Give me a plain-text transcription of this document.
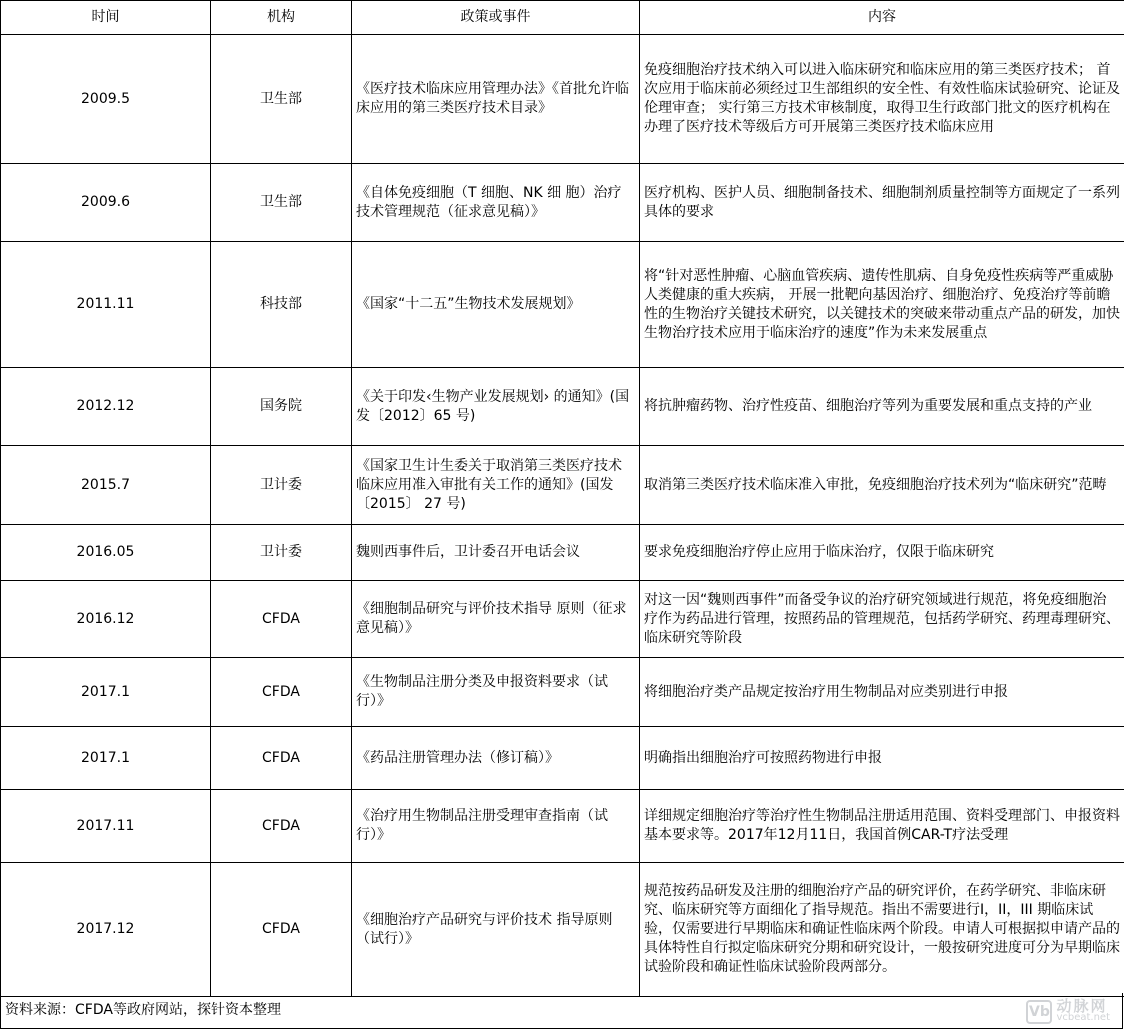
时间	机构	政策或事件	内容
2009.5	卫生部	《医疗技术临床应用管理办法》《首批允许临床应用的第三类医疗技术目录》	免疫细胞治疗技术纳入可以进入临床研究和临床应用的第三类医疗技术； 首次应用于临床前必须经过卫生部组织的安全性、有效性临床试验研究、论证及伦理审查； 实行第三方技术审核制度，取得卫生行政部门批文的医疗机构在办理了医疗技术等级后方可开展第三类医疗技术临床应用
2009.6	卫生部	《自体免疫细胞（T 细胞、NK 细 胞）治疗技术管理规范（征求意见稿）》	医疗机构、医护人员、细胞制备技术、细胞制剂质量控制等方面规定了一系列具体的要求
2011.11	科技部	《国家“十二五”生物技术发展规划》	将“针对恶性肿瘤、心脑血管疾病、遗传性肌病、自身免疫性疾病等严重威胁人类健康的重大疾病， 开展一批靶向基因治疗、细胞治疗、免疫治疗等前瞻性的生物治疗关键技术研究，以关键技术的突破来带动重点产品的研发，加快生物治疗技术应用于临床治疗的速度”作为未来发展重点
2012.12	国务院	《关于印发‹生物产业发展规划› 的通知》(国发〔2012〕65 号)	将抗肿瘤药物、治疗性疫苗、细胞治疗等列为重要发展和重点支持的产业
2015.7	卫计委	《国家卫生计生委关于取消第三类医疗技术临床应用准入审批有关工作的通知》(国发〔2015〕 27 号)	取消第三类医疗技术临床准入审批，免疫细胞治疗技术列为“临床研究”范畴
2016.05	卫计委	魏则西事件后，卫计委召开电话会议	要求免疫细胞治疗停止应用于临床治疗，仅限于临床研究
2016.12	CFDA	《细胞制品研究与评价技术指导 原则（征求意见稿）》	对这一因“魏则西事件”而备受争议的治疗研究领域进行规范，将免疫细胞治疗作为药品进行管理，按照药品的管理规范，包括药学研究、药理毒理研究、临床研究等阶段
2017.1	CFDA	《生物制品注册分类及申报资料要求（试行）》	将细胞治疗类产品规定按治疗用生物制品对应类别进行申报
2017.1	CFDA	《药品注册管理办法（修订稿）》	明确指出细胞治疗可按照药物进行申报
2017.11	CFDA	《治疗用生物制品注册受理审查指南（试行）》	详细规定细胞治疗等治疗性生物制品注册适用范围、资料受理部门、申报资料基本要求等。2017年12月11日，我国首例CAR-T疗法受理
2017.12	CFDA	《细胞治疗产品研究与评价技术 指导原则（试行）》	规范按药品研发及注册的细胞治疗产品的研究评价，在药学研究、非临床研究、临床研究等方面细化了指导规范。指出不需要进行I，II，III 期临床试验，仅需要进行早期临床和确证性临床两个阶段。申请人可根据拟申请产品的具体特性自行拟定临床研究分期和研究设计，一般按研究进度可分为早期临床试验阶段和确证性临床试验阶段两部分。
资料来源：CFDA等政府网站，探针资本整理	Vb 动脉网
vcbeat.net
